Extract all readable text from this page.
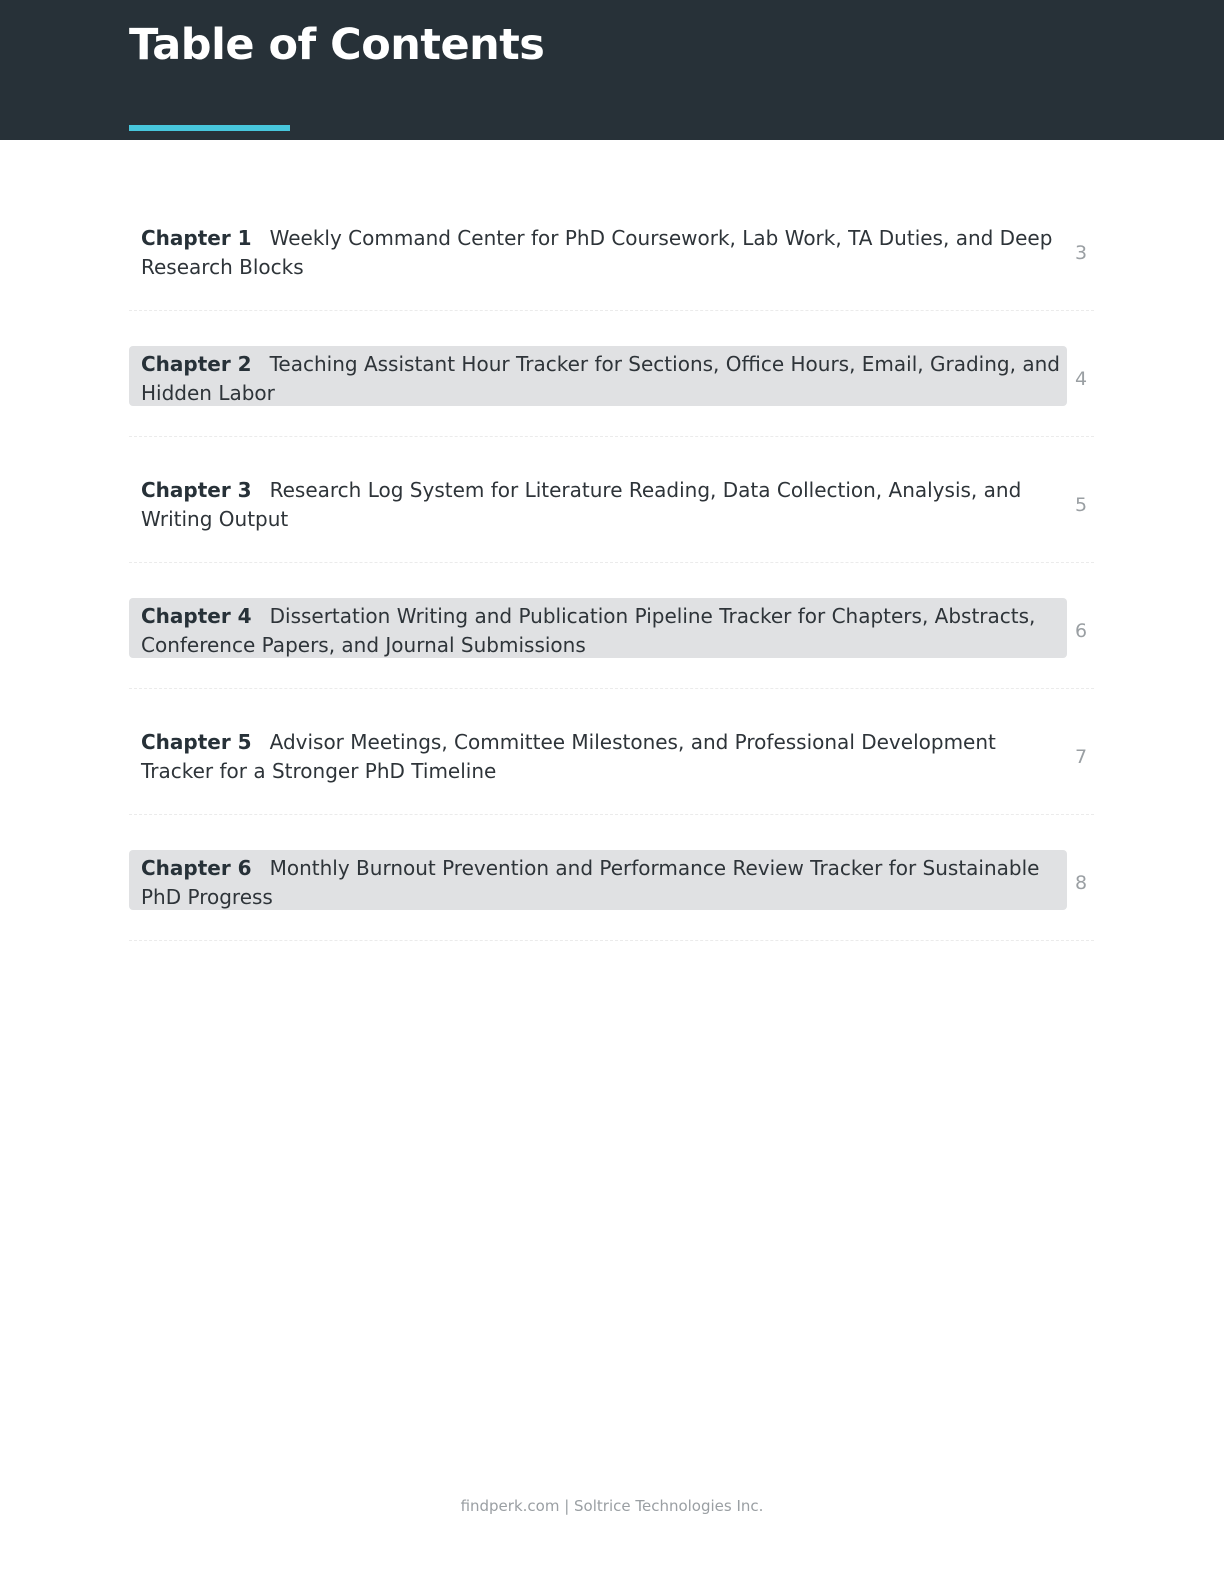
Table of Contents
Chapter 1 Weekly Command Center for PhD Coursework, Lab Work, TA Duties, and Deep Research Blocks
3
Chapter 2 Teaching Assistant Hour Tracker for Sections, Office Hours, Email, Grading, and Hidden Labor
4
Chapter 3 Research Log System for Literature Reading, Data Collection, Analysis, and Writing Output
5
Chapter 4 Dissertation Writing and Publication Pipeline Tracker for Chapters, Abstracts, Conference Papers, and Journal Submissions
6
Chapter 5 Advisor Meetings, Committee Milestones, and Professional Development Tracker for a Stronger PhD Timeline
7
Chapter 6 Monthly Burnout Prevention and Performance Review Tracker for Sustainable PhD Progress
8
findperk.com | Soltrice Technologies Inc.
